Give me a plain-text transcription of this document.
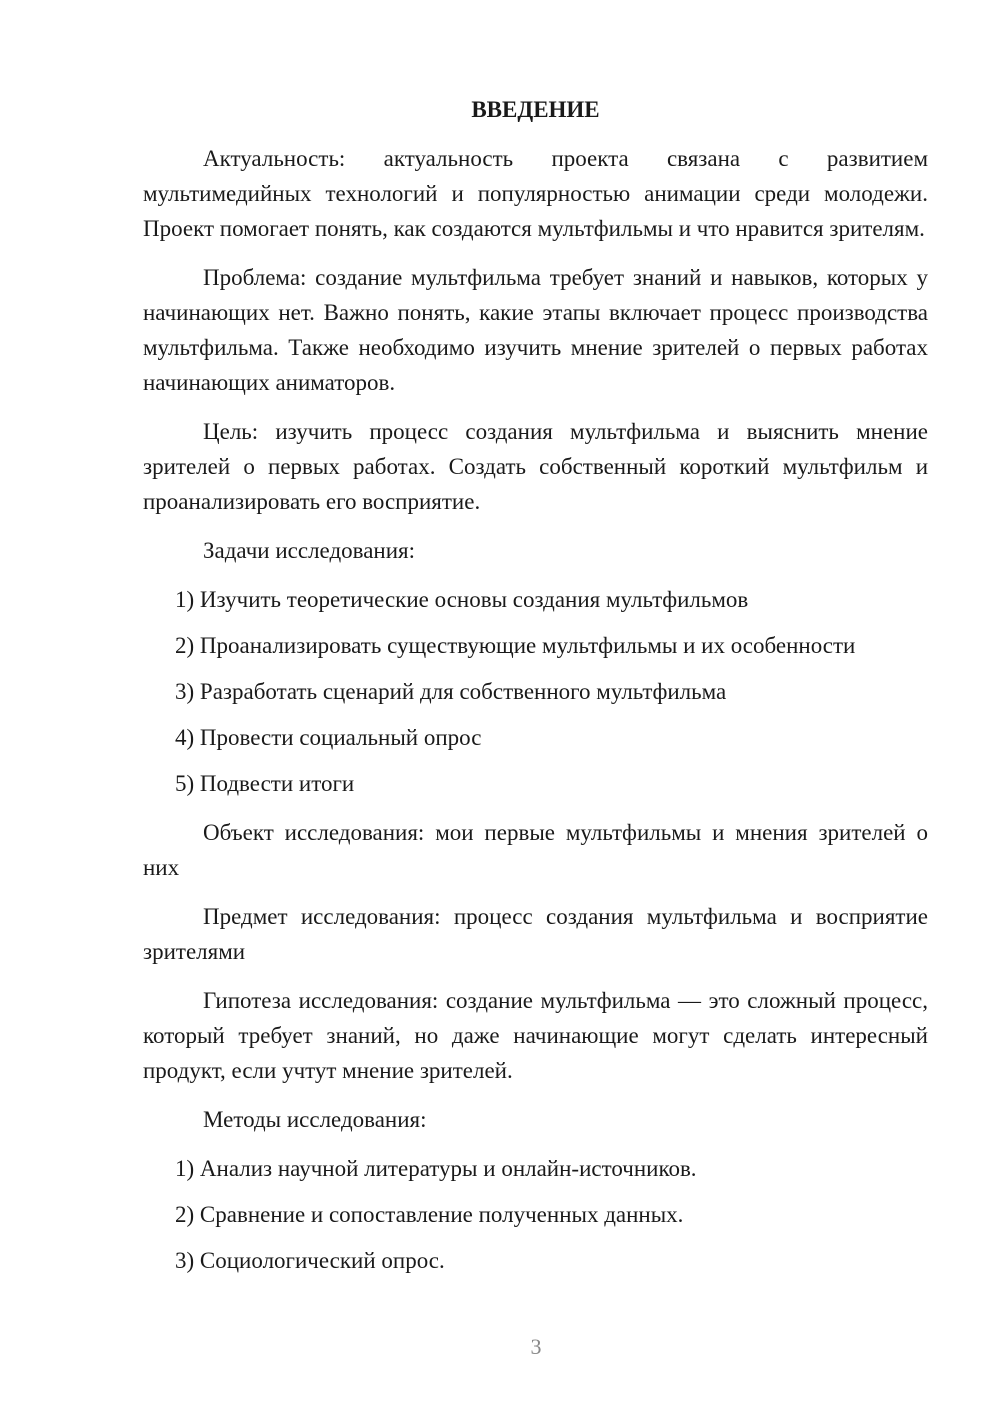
ВВЕДЕНИЕ

Актуальность: актуальность проекта связана с развитием мультимедийных технологий и популярностью анимации среди молодежи. Проект помогает понять, как создаются мультфильмы и что нравится зрителям.

Проблема: создание мультфильма требует знаний и навыков, которых у начинающих нет. Важно понять, какие этапы включает процесс производства мультфильма. Также необходимо изучить мнение зрителей о первых работах начинающих аниматоров.

Цель: изучить процесс создания мультфильма и выяснить мнение зрителей о первых работах. Создать собственный короткий мультфильм и проанализировать его восприятие.

Задачи исследования:

1) Изучить теоретические основы создания мультфильмов
2) Проанализировать существующие мультфильмы и их особенности
3) Разработать сценарий для собственного мультфильма
4) Провести социальный опрос
5) Подвести итоги

Объект исследования: мои первые мультфильмы и мнения зрителей о них

Предмет исследования: процесс создания мультфильма и восприятие зрителями

Гипотеза исследования: создание мультфильма — это сложный процесс, который требует знаний, но даже начинающие могут сделать интересный продукт, если учтут мнение зрителей.

Методы исследования:

1) Анализ научной литературы и онлайн-источников.
2) Сравнение и сопоставление полученных данных.
3) Социологический опрос.
3
